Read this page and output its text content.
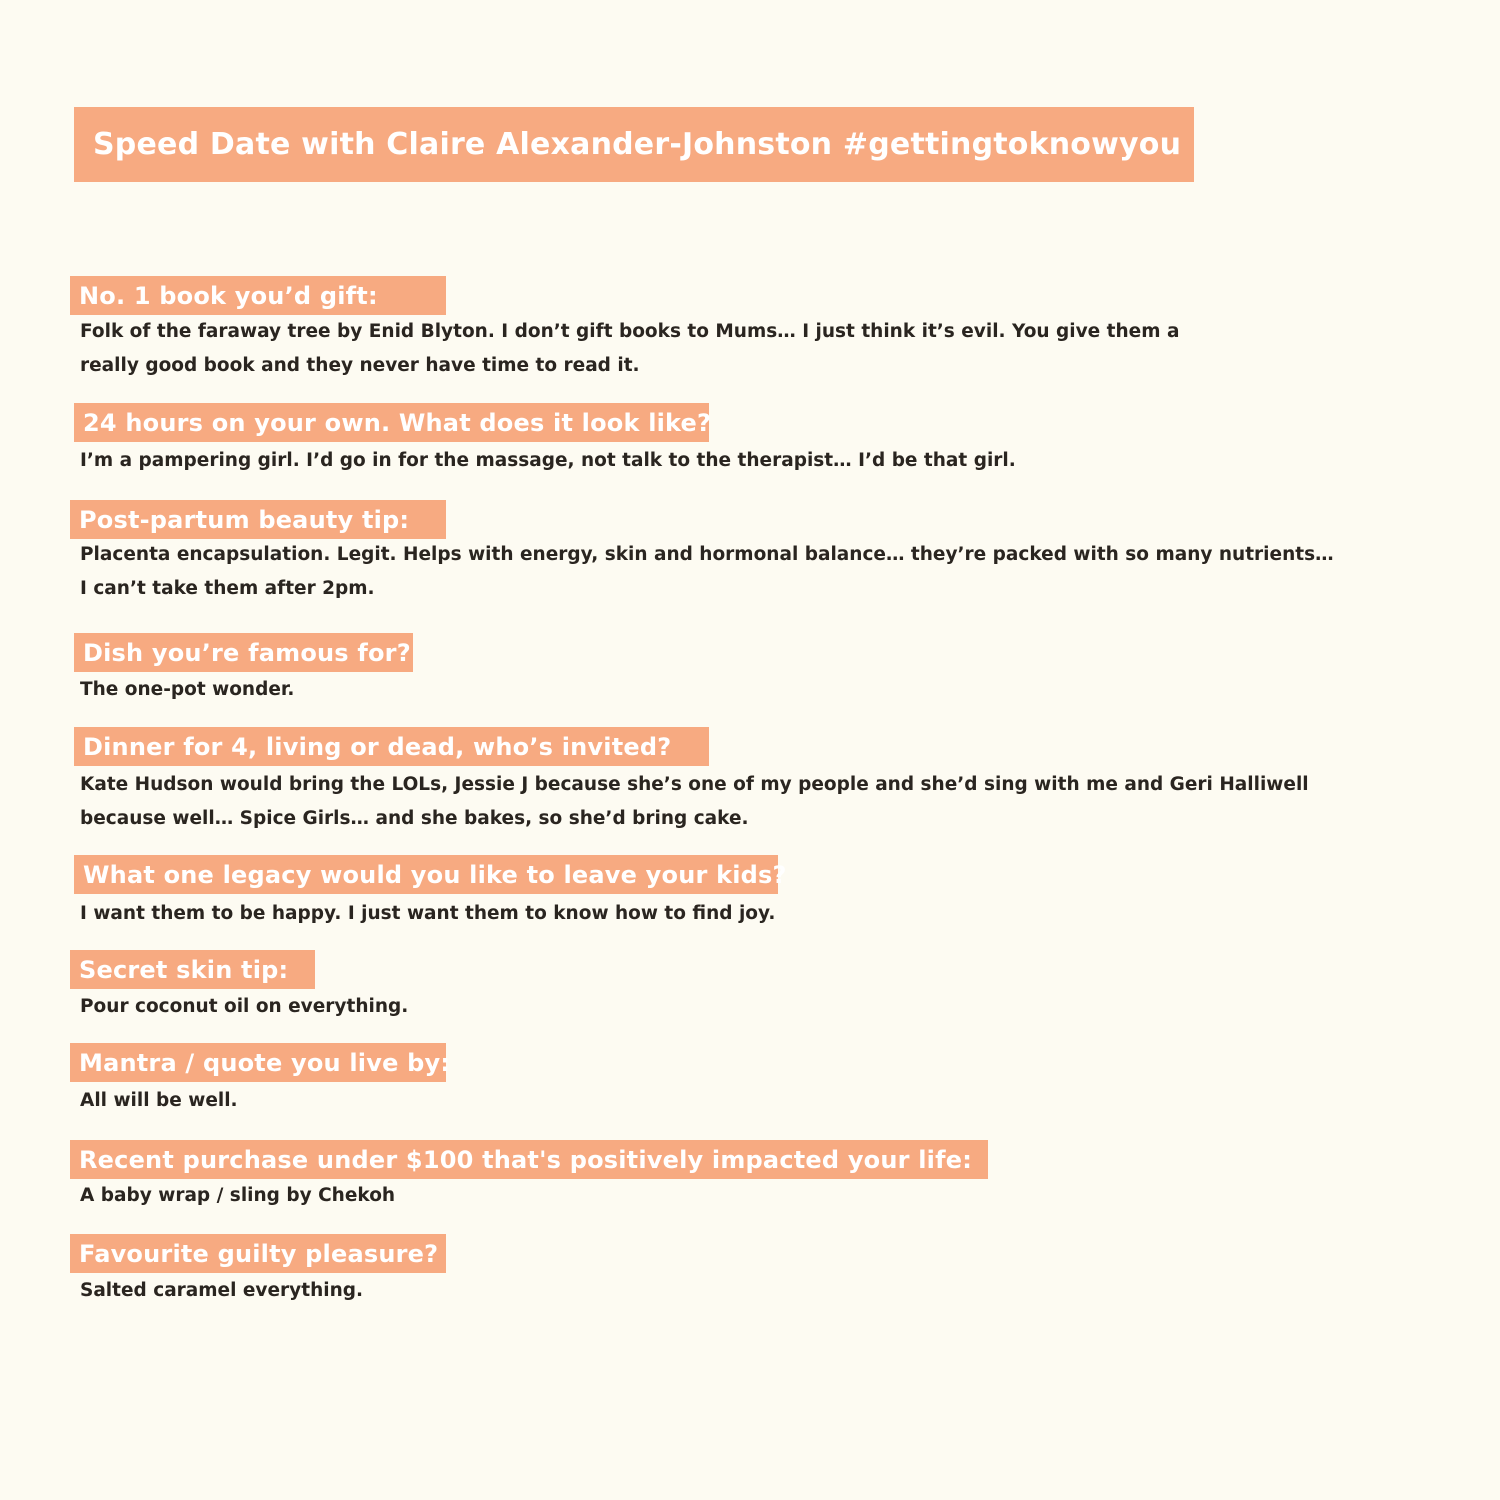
Speed Date with Claire Alexander-Johnston #gettingtoknowyou
No. 1 book you’d gift:
Folk of the faraway tree by Enid Blyton. I don’t gift books to Mums… I just think it’s evil. You give them a
really good book and they never have time to read it.
24 hours on your own. What does it look like?
I’m a pampering girl. I’d go in for the massage, not talk to the therapist… I’d be that girl.
Post-partum beauty tip:
Placenta encapsulation. Legit. Helps with energy, skin and hormonal balance… they’re packed with so many nutrients…
I can’t take them after 2pm.
Dish you’re famous for?
The one-pot wonder.
Dinner for 4, living or dead, who’s invited?
Kate Hudson would bring the LOLs, Jessie J because she’s one of my people and she’d sing with me and Geri Halliwell
because well… Spice Girls… and she bakes, so she’d bring cake.
What one legacy would you like to leave your kids?
I want them to be happy. I just want them to know how to find joy.
Secret skin tip:
Pour coconut oil on everything.
Mantra / quote you live by:
All will be well.
Recent purchase under $100 that's positively impacted your life:
A baby wrap / sling by Chekoh
Favourite guilty pleasure?
Salted caramel everything.
